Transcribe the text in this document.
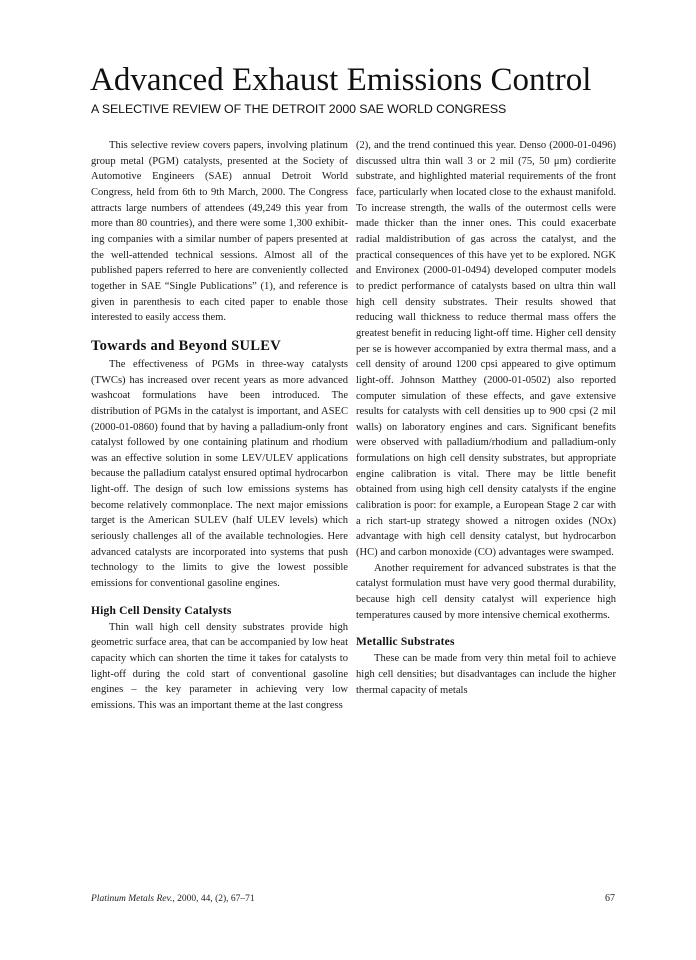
Advanced Exhaust Emissions Control
A SELECTIVE REVIEW OF THE DETROIT 2000 SAE WORLD CONGRESS

This selective review covers papers, involving platinum group metal (PGM) catalysts, presented at the Society of Automotive Engineers (SAE) annual Detroit World Congress, held from 6th to 9th March, 2000. The Congress attracts large numbers of attendees (49,249 this year from more than 80 countries), and there were some 1,300 exhibiting companies with a similar number of papers presented at the well-attended technical sessions. Almost all of the published papers referred to here are conveniently collected together in SAE “Single Publications” (1), and reference is given in parenthesis to each cited paper to enable those interested to easily access them.

Towards and Beyond SULEV

The effectiveness of PGMs in three-way catalysts (TWCs) has increased over recent years as more advanced washcoat formulations have been introduced. The distribution of PGMs in the catalyst is important, and ASEC (2000-01-0860) found that by having a palladium-only front catalyst followed by one containing platinum and rhodium was an effective solution in some LEV/ULEV applications because the palladium catalyst ensured optimal hydrocarbon light-off. The design of such low emissions systems has become relatively commonplace. The next major emissions target is the American SULEV (half ULEV levels) which seriously challenges all of the available technologies. Here advanced catalysts are incorporated into systems that push technology to the limits to give the lowest possible emissions for conventional gasoline engines.

High Cell Density Catalysts

Thin wall high cell density substrates provide high geometric surface area, that can be accompanied by low heat capacity which can shorten the time it takes for catalysts to light-off during the cold start of conventional gasoline engines – the key parameter in achieving very low emissions. This was an important theme at the last congress

(2), and the trend continued this year. Denso (2000-01-0496) discussed ultra thin wall 3 or 2 mil (75, 50 μm) cordierite substrate, and highlighted material requirements of the front face, particularly when located close to the exhaust manifold. To increase strength, the walls of the outermost cells were made thicker than the inner ones. This could exacerbate radial maldistribution of gas across the catalyst, and the practical consequences of this have yet to be explored. NGK and Environex (2000-01-0494) developed computer models to predict performance of catalysts based on ultra thin wall high cell density substrates. Their results showed that reducing wall thickness to reduce thermal mass offers the greatest benefit in reducing light-off time. Higher cell density per se is however accompanied by extra thermal mass, and a cell density of around 1200 cpsi appeared to give optimum light-off. Johnson Matthey (2000-01-0502) also reported computer simulation of these effects, and gave extensive results for catalysts with cell densities up to 900 cpsi (2 mil walls) on laboratory engines and cars. Significant benefits were observed with palladium/rhodium and palladium-only formulations on high cell density substrates, but appropriate engine calibration is vital. There may be little benefit obtained from using high cell density catalysts if the engine calibration is poor: for example, a European Stage 2 car with a rich start-up strategy showed a nitrogen oxides (NOx) advantage with high cell density catalyst, but hydrocarbon (HC) and carbon monoxide (CO) advantages were swamped.

Another requirement for advanced substrates is that the catalyst formulation must have very good thermal durability, because high cell density catalyst will experience high temperatures caused by more intensive chemical exotherms.

Metallic Substrates

These can be made from very thin metal foil to achieve high cell densities; but disadvantages can include the higher thermal capacity of metals

Platinum Metals Rev., 2000, 44, (2), 67–71	67
